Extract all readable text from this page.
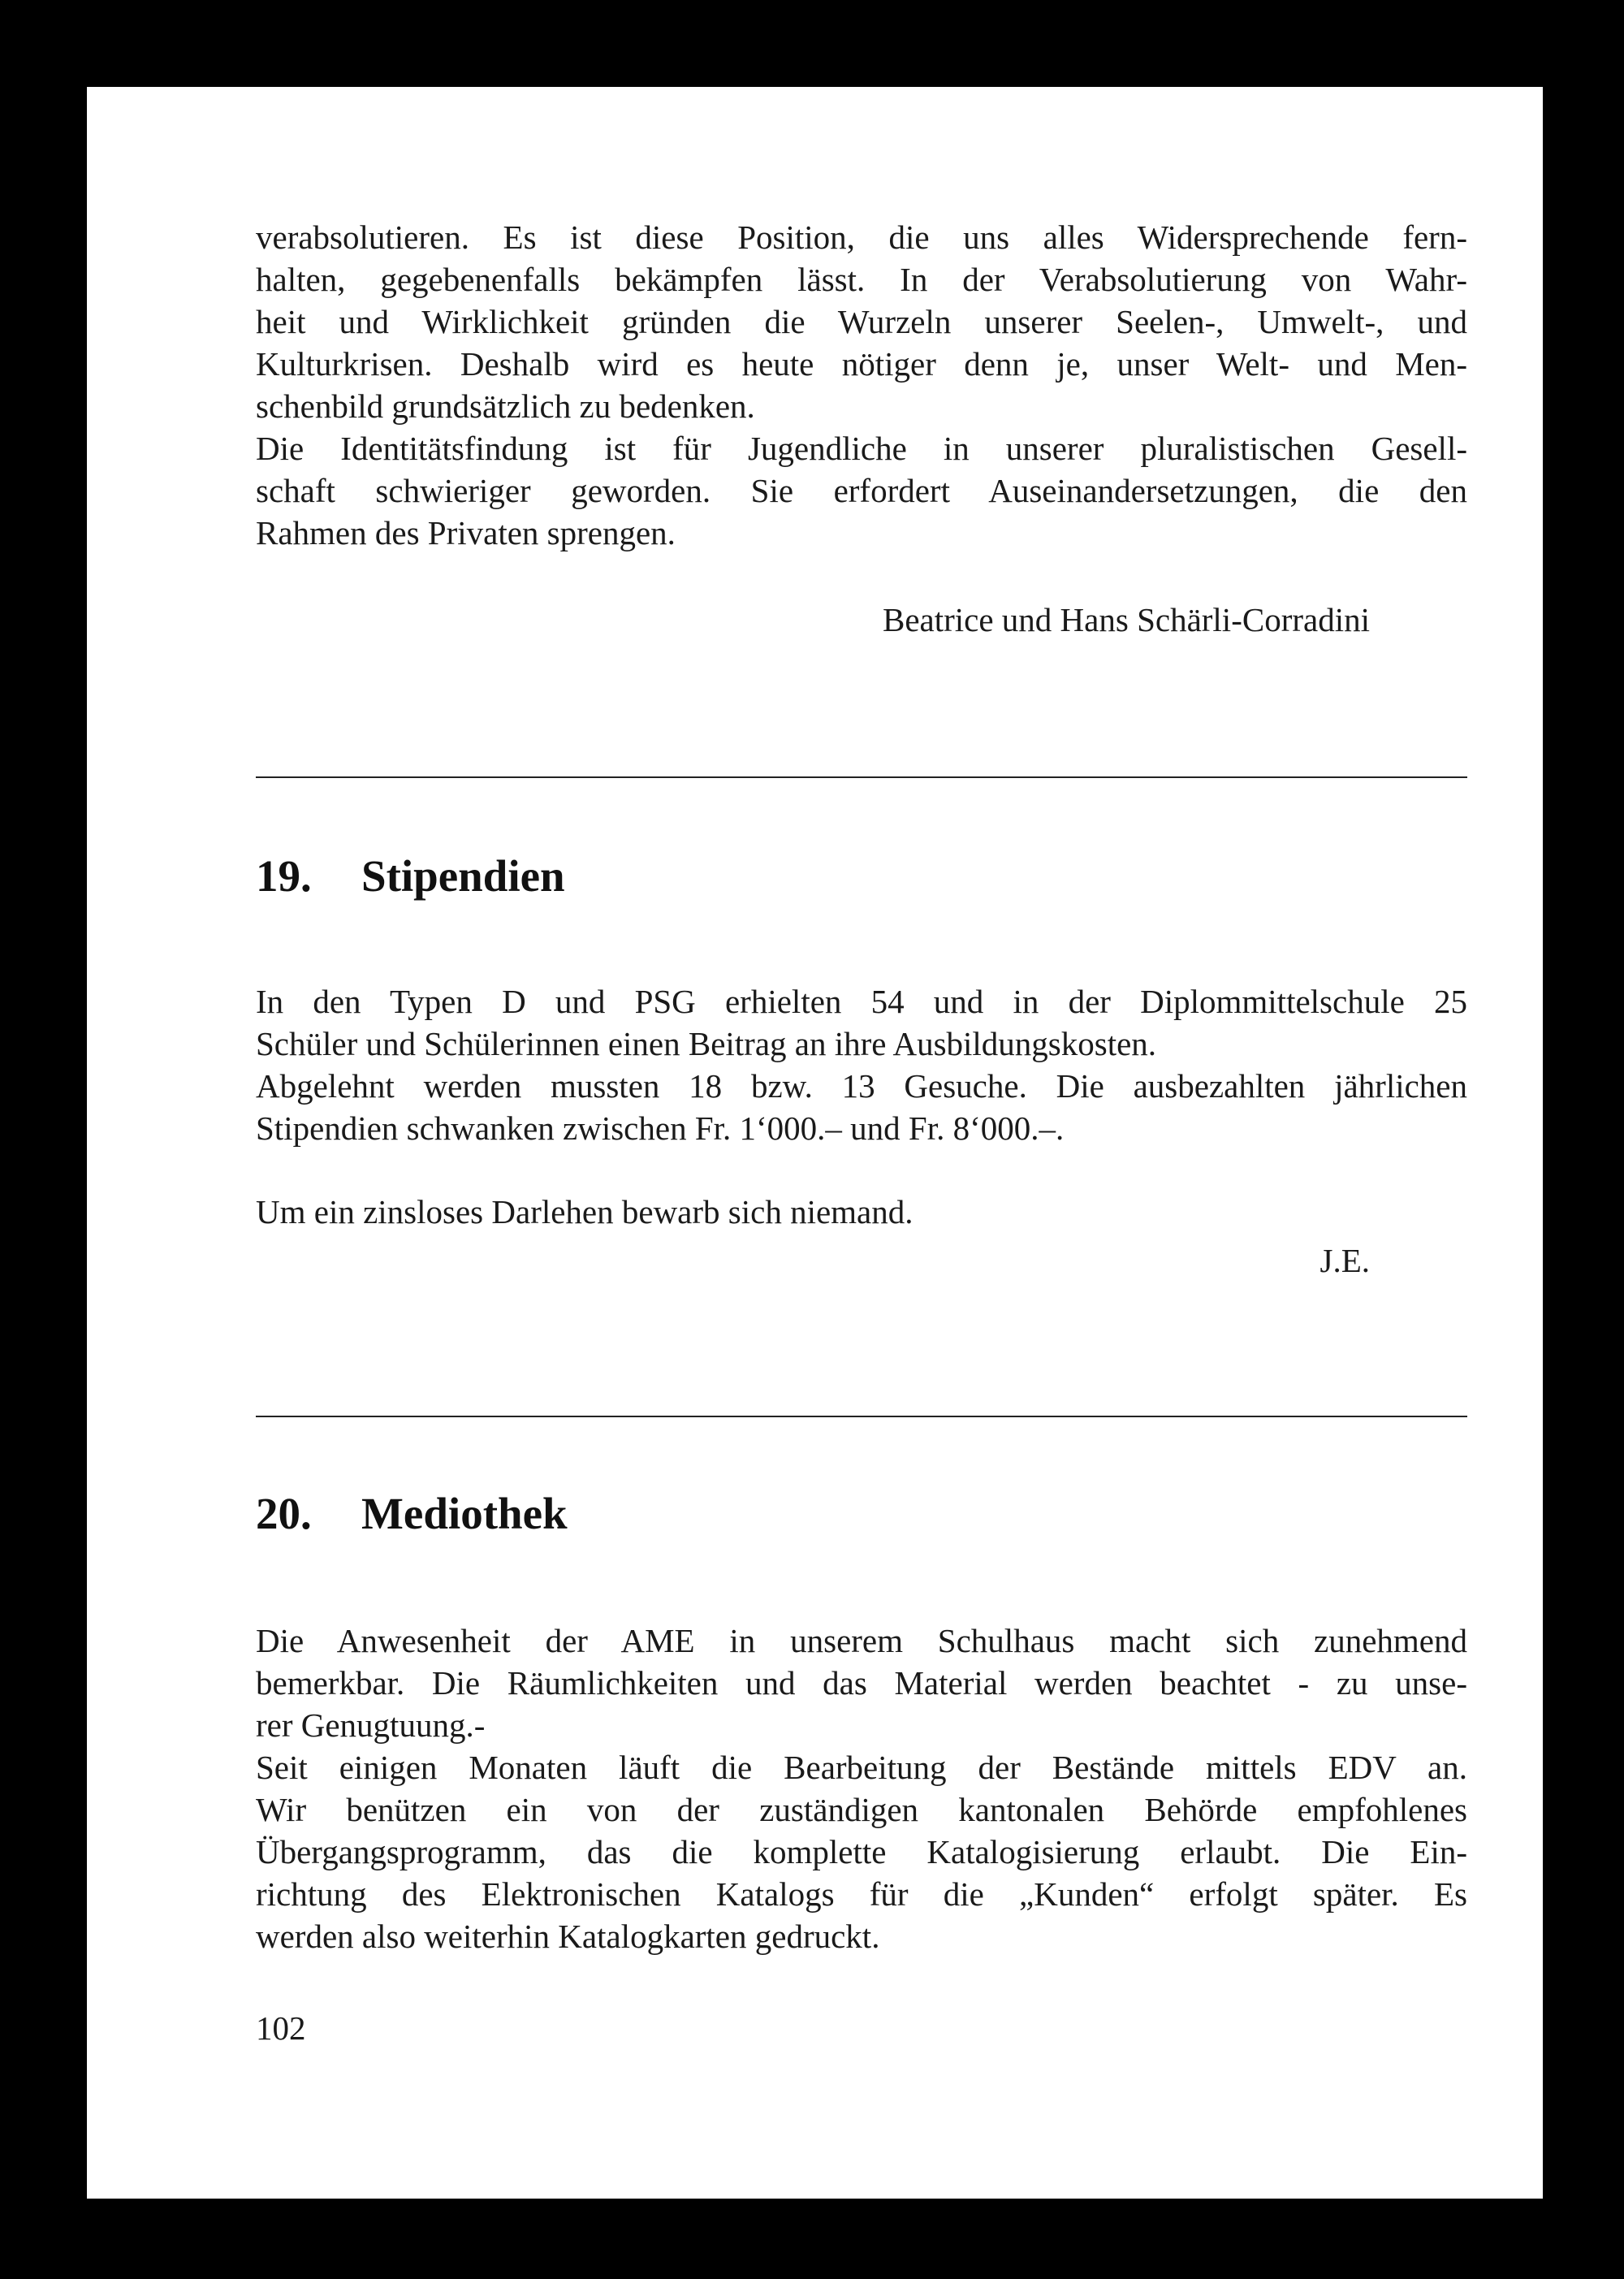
verabsolutieren. Es ist diese Position, die uns alles Widersprechende fern-

halten, gegebenenfalls bekämpfen lässt. In der Verabsolutierung von Wahr-

heit und Wirklichkeit gründen die Wurzeln unserer Seelen-, Umwelt-, und

Kulturkrisen. Deshalb wird es heute nötiger denn je, unser Welt- und Men-

schenbild grundsätzlich zu bedenken.

Die Identitätsfindung ist für Jugendliche in unserer pluralistischen Gesell-

schaft schwieriger geworden. Sie erfordert Auseinandersetzungen, die den

Rahmen des Privaten sprengen.

Beatrice und Hans Schärli-Corradini

19. Stipendien

In den Typen D und PSG erhielten 54 und in der Diplommittelschule 25

Schüler und Schülerinnen einen Beitrag an ihre Ausbildungskosten.

Abgelehnt werden mussten 18 bzw. 13 Gesuche. Die ausbezahlten jährlichen

Stipendien schwanken zwischen Fr. 1‘000.– und Fr. 8‘000.–.

Um ein zinsloses Darlehen bewarb sich niemand.

J.E.

20. Mediothek

Die Anwesenheit der AME in unserem Schulhaus macht sich zunehmend

bemerkbar. Die Räumlichkeiten und das Material werden beachtet - zu unse-

rer Genugtuung.-

Seit einigen Monaten läuft die Bearbeitung der Bestände mittels EDV an.

Wir benützen ein von der zuständigen kantonalen Behörde empfohlenes

Übergangsprogramm, das die komplette Katalogisierung erlaubt. Die Ein-

richtung des Elektronischen Katalogs für die „Kunden“ erfolgt später. Es

werden also weiterhin Katalogkarten gedruckt.

102
